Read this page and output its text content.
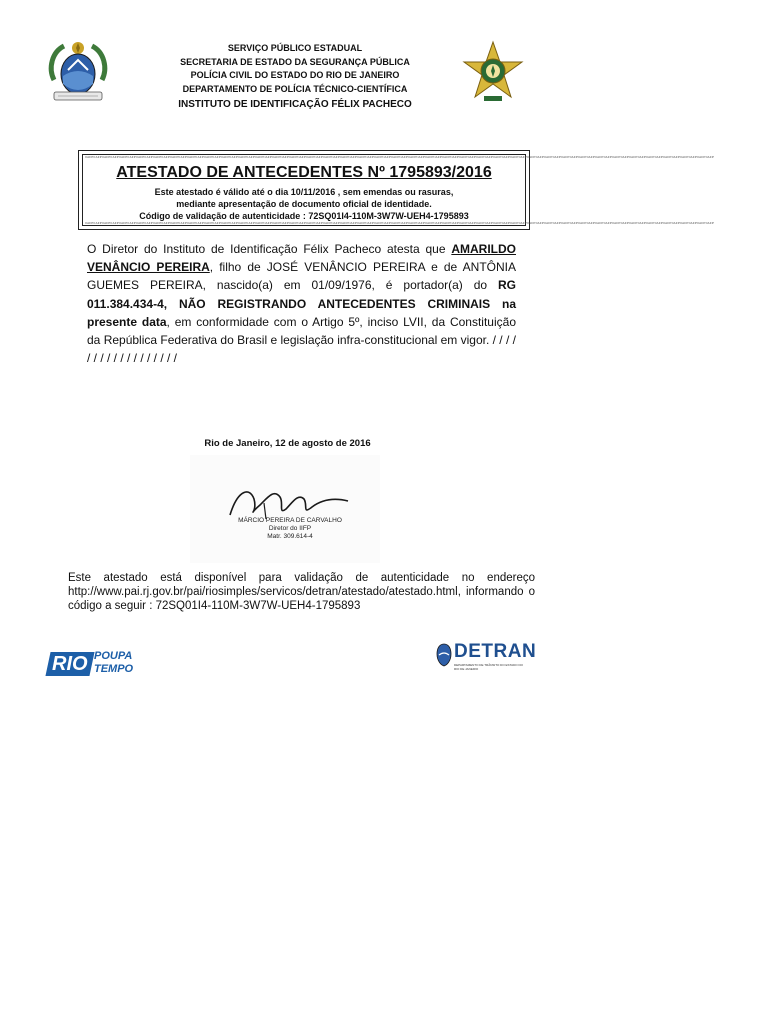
SERVIÇO PÚBLICO ESTADUAL
SECRETARIA DE ESTADO DA SEGURANÇA PÚBLICA
POLÍCIA CIVIL DO ESTADO DO RIO DE JANEIRO
DEPARTAMENTO DE POLÍCIA TÉCNICO-CIENTÍFICA
INSTITUTO DE IDENTIFICAÇÃO FÉLIX PACHECO
IIAFPIIAFPIIAFPIIAFPIIAFPIIAFPIIAFPIIAFPIIAFPIIAFPIIAFPIIAFPIIAFPIIAFPIIAFPIIAFPIIAFPIIAFPIIAFPIIAFPIIAFPIIAFPIIAFPIIAFPIIAFPIIAFPIIAFPIIAFPIIAFPIIAFPIIAFPIIAFPIIAFPIIAFPIIAFPIIAFPIIAFPIIAFPIIAFPIIAFPIIAFPIIAFPIIAFPIIAFPIIAFPIIAFPIIAFPIIAFPIIAFPIIAFPIIAFPIIAFPIIAFPIIAFPIIAFPIIAFPIIAFPIIAFPIIAFPIIAFPIIAFPIIAFPIIAFPIIAFPIIAFPIIAFPIIAFPIIAFPIIAFPIIAFPIIAFPIIAFPIIAFPIIAFP
ATESTADO DE ANTECEDENTES Nº 1795893/2016
Este atestado é válido até o dia 10/11/2016 , sem emendas ou rasuras,
mediante apresentação de documento oficial de identidade.
Código de validação de autenticidade : 72SQ01I4-110M-3W7W-UEH4-1795893
IIAFPIIAFPIIAFPIIAFPIIAFPIIAFPIIAFPIIAFPIIAFPIIAFPIIAFPIIAFPIIAFPIIAFPIIAFPIIAFPIIAFPIIAFPIIAFPIIAFPIIAFPIIAFPIIAFPIIAFPIIAFPIIAFPIIAFPIIAFPIIAFPIIAFPIIAFPIIAFPIIAFPIIAFPIIAFPIIAFPIIAFPIIAFPIIAFPIIAFPIIAFPIIAFPIIAFPIIAFPIIAFPIIAFPIIAFPIIAFPIIAFPIIAFPIIAFPIIAFPIIAFPIIAFPIIAFPIIAFPIIAFPIIAFPIIAFPIIAFPIIAFPIIAFPIIAFPIIAFPIIAFPIIAFPIIAFPIIAFPIIAFPIIAFPIIAFPIIAFPIIAFPIIAFP
O Diretor do Instituto de Identificação Félix Pacheco atesta que AMARILDO VENÂNCIO PEREIRA, filho de JOSÉ VENÂNCIO PEREIRA e de ANTÔNIA GUEMES PEREIRA, nascido(a) em 01/09/1976, é portador(a) do RG 011.384.434-4, NÃO REGISTRANDO ANTECEDENTES CRIMINAIS na presente data, em conformidade com o Artigo 5º, inciso LVII, da Constituição da República Federativa do Brasil e legislação infra-constitucional em vigor. / / / / / / / / / / / / / / / / / /
Rio de Janeiro, 12 de agosto de 2016
MÁRCIO PEREIRA DE CARVALHO
Diretor do IIFP
Matr. 309.614-4
Este atestado está disponível para validação de autenticidade no endereço http://www.pai.rj.gov.br/pai/riosimples/servicos/detran/atestado/atestado.html, informando o código a seguir : 72SQ01I4-110M-3W7W-UEH4-1795893
RIO POUPA
TEMPO
DETRAN
DEPARTAMENTO DE TRÂNSITO DO ESTADO DO RIO DE JANEIRO
